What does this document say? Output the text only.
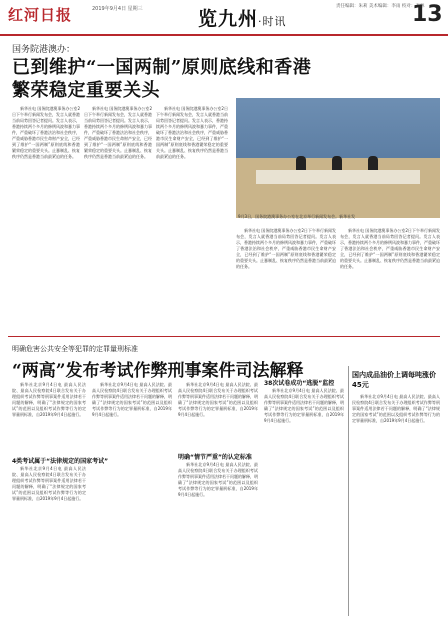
红河日报	2019年9月4日 星期三	览九州·时讯
责任编辑：朱莉 美术编辑：李雨 校对：王林
13
国务院港澳办：
已到维护“一国两制”原则底线和香港繁荣稳定重要关头

新华社电 国务院港澳事务办公室2日下午举行新闻发布会，发言人就香港当前局势回答记者提问。发言人表示，香港持续两个多月的修例风波和暴力事件，严重破坏了香港法治和社会秩序，严重威胁香港市民生命财产安全，已经到了维护“一国两制”原则底线和香港繁荣稳定的重要关头。止暴制乱、恢复秩序仍然是香港当前最紧迫的任务。

新华社电 国务院港澳事务办公室2日下午举行新闻发布会，发言人就香港当前局势回答记者提问。发言人表示，香港持续两个多月的修例风波和暴力事件，严重破坏了香港法治和社会秩序，严重威胁香港市民生命财产安全，已经到了维护“一国两制”原则底线和香港繁荣稳定的重要关头。止暴制乱、恢复秩序仍然是香港当前最紧迫的任务。

新华社电 国务院港澳事务办公室2日下午举行新闻发布会，发言人就香港当前局势回答记者提问。发言人表示，香港持续两个多月的修例风波和暴力事件，严重破坏了香港法治和社会秩序，严重威胁香港市民生命财产安全，已经到了维护“一国两制”原则底线和香港繁荣稳定的重要关头。止暴制乱、恢复秩序仍然是香港当前最紧迫的任务。

9月3日，国务院港澳事务办公室在北京举行新闻发布会。新华社发

新华社电 国务院港澳事务办公室2日下午举行新闻发布会，发言人就香港当前局势回答记者提问。发言人表示，香港持续两个多月的修例风波和暴力事件，严重破坏了香港法治和社会秩序，严重威胁香港市民生命财产安全，已经到了维护“一国两制”原则底线和香港繁荣稳定的重要关头。止暴制乱、恢复秩序仍然是香港当前最紧迫的任务。

新华社电 国务院港澳事务办公室2日下午举行新闻发布会，发言人就香港当前局势回答记者提问。发言人表示，香港持续两个多月的修例风波和暴力事件，严重破坏了香港法治和社会秩序，严重威胁香港市民生命财产安全，已经到了维护“一国两制”原则底线和香港繁荣稳定的重要关头。止暴制乱、恢复秩序仍然是香港当前最紧迫的任务。

明确危害公共安全等犯罪的定罪量刑标准
“两高”发布考试作弊刑事案件司法解释
4类考试属于“法律规定的国家考试”

新华社北京9月4日电 最高人民法院、最高人民检察院4日联合发布关于办理组织考试作弊等刑事案件适用法律若干问题的解释，明确了“法律规定的国家考试”的范围以及组织考试作弊等行为的定罪量刑标准，自2019年9月4日起施行。

新华社北京9月4日电 最高人民法院、最高人民检察院4日联合发布关于办理组织考试作弊等刑事案件适用法律若干问题的解释，明确了“法律规定的国家考试”的范围以及组织考试作弊等行为的定罪量刑标准，自2019年9月4日起施行。

新华社北京9月4日电 最高人民法院、最高人民检察院4日联合发布关于办理组织考试作弊等刑事案件适用法律若干问题的解释，明确了“法律规定的国家考试”的范围以及组织考试作弊等行为的定罪量刑标准，自2019年9月4日起施行。

明确“情节严重”的认定标准

新华社北京9月4日电 最高人民法院、最高人民检察院4日联合发布关于办理组织考试作弊等刑事案件适用法律若干问题的解释，明确了“法律规定的国家考试”的范围以及组织考试作弊等行为的定罪量刑标准，自2019年9月4日起施行。

新华社北京9月4日电 最高人民法院、最高人民检察院4日联合发布关于办理组织考试作弊等刑事案件适用法律若干问题的解释，明确了“法律规定的国家考试”的范围以及组织考试作弊等行为的定罪量刑标准，自2019年9月4日起施行。

38次试卷成功“逃脱”监控

新华社北京9月4日电 最高人民法院、最高人民检察院4日联合发布关于办理组织考试作弊等刑事案件适用法律若干问题的解释，明确了“法律规定的国家考试”的范围以及组织考试作弊等行为的定罪量刑标准，自2019年9月4日起施行。

国内成品油价上调每吨涨价45元

新华社北京9月4日电 最高人民法院、最高人民检察院4日联合发布关于办理组织考试作弊等刑事案件适用法律若干问题的解释，明确了“法律规定的国家考试”的范围以及组织考试作弊等行为的定罪量刑标准，自2019年9月4日起施行。
